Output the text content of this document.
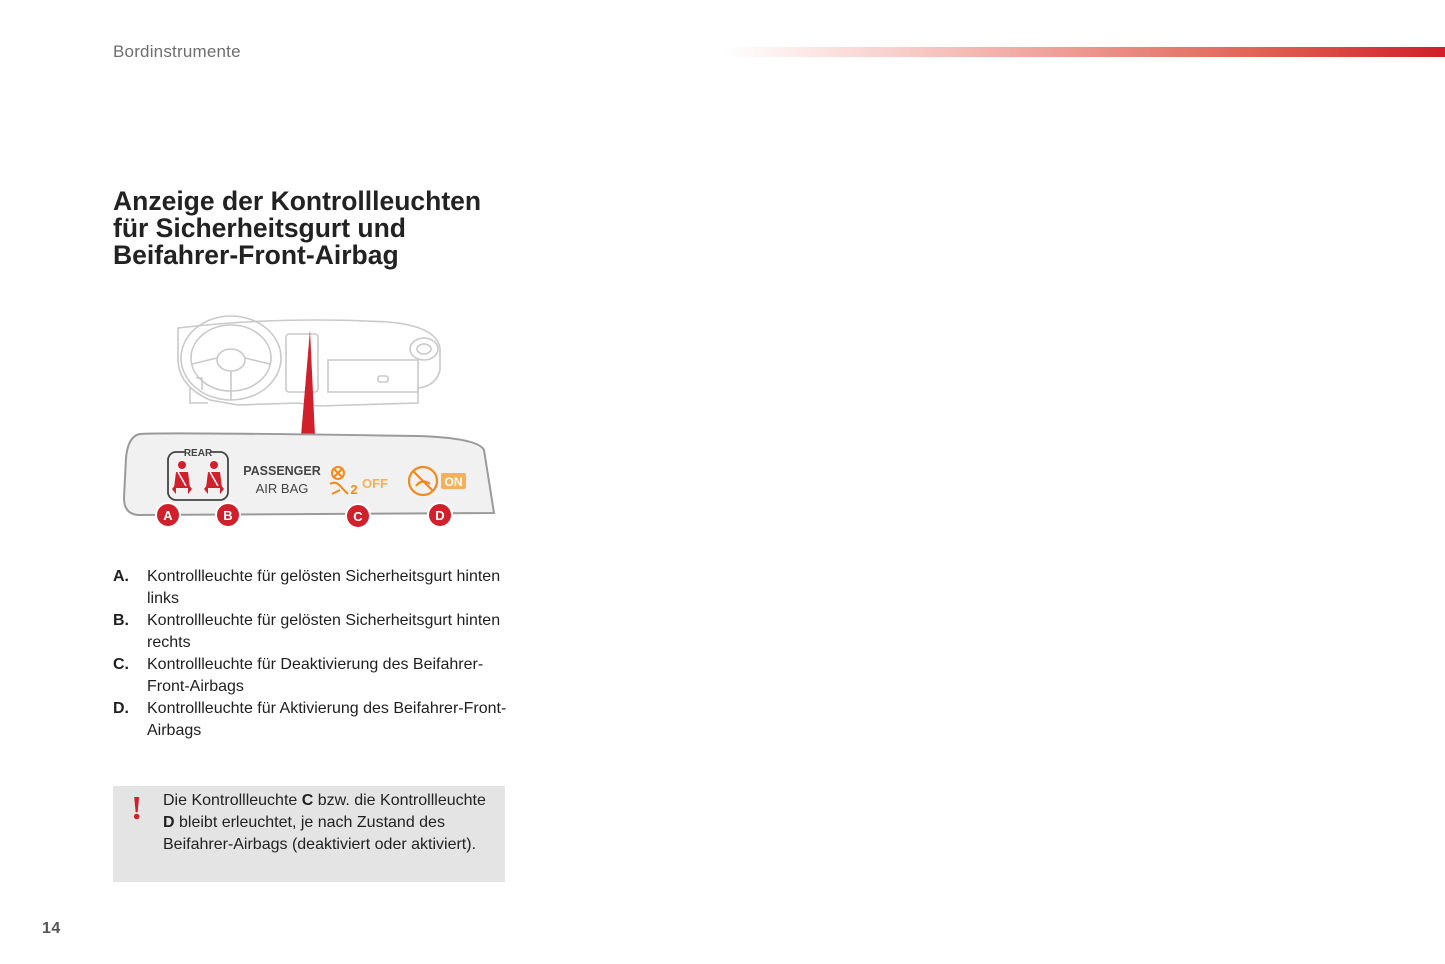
Bordinstrumente
Anzeige der Kontrollleuchten
für Sicherheitsgurt und
Beifahrer-Front-Airbag
REAR
PASSENGER
AIR BAG	2 OFF	ON
A	B	C	D
A. Kontrollleuchte für gelösten Sicherheitsgurt hinten links
B. Kontrollleuchte für gelösten Sicherheitsgurt hinten rechts
C. Kontrollleuchte für Deaktivierung des Beifahrer-Front-Airbags
D. Kontrollleuchte für Aktivierung des Beifahrer-Front-Airbags
! Die Kontrollleuchte C bzw. die Kontrollleuchte D bleibt erleuchtet, je nach Zustand des Beifahrer-Airbags (deaktiviert oder aktiviert).
14
